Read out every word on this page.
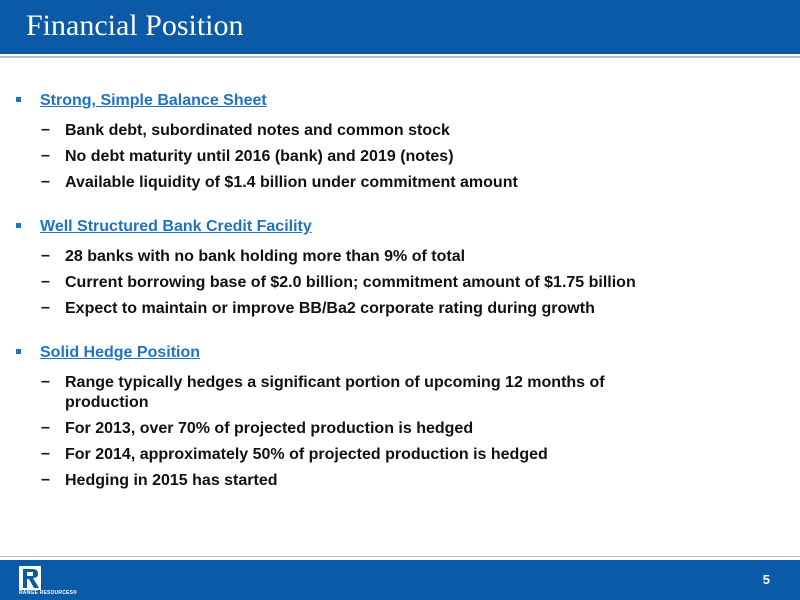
Financial Position
Strong, Simple Balance Sheet
– Bank debt, subordinated notes and common stock
– No debt maturity until 2016 (bank) and 2019 (notes)
– Available liquidity of $1.4 billion under commitment amount
Well Structured Bank Credit Facility
– 28 banks with no bank holding more than 9% of total
– Current borrowing base of $2.0 billion; commitment amount of $1.75 billion
– Expect to maintain or improve BB/Ba2 corporate rating during growth
Solid Hedge Position
– Range typically hedges a significant portion of upcoming 12 months of production
– For 2013, over 70% of projected production is hedged
– For 2014, approximately 50% of projected production is hedged
– Hedging in 2015 has started
RANGE RESOURCES®
5
